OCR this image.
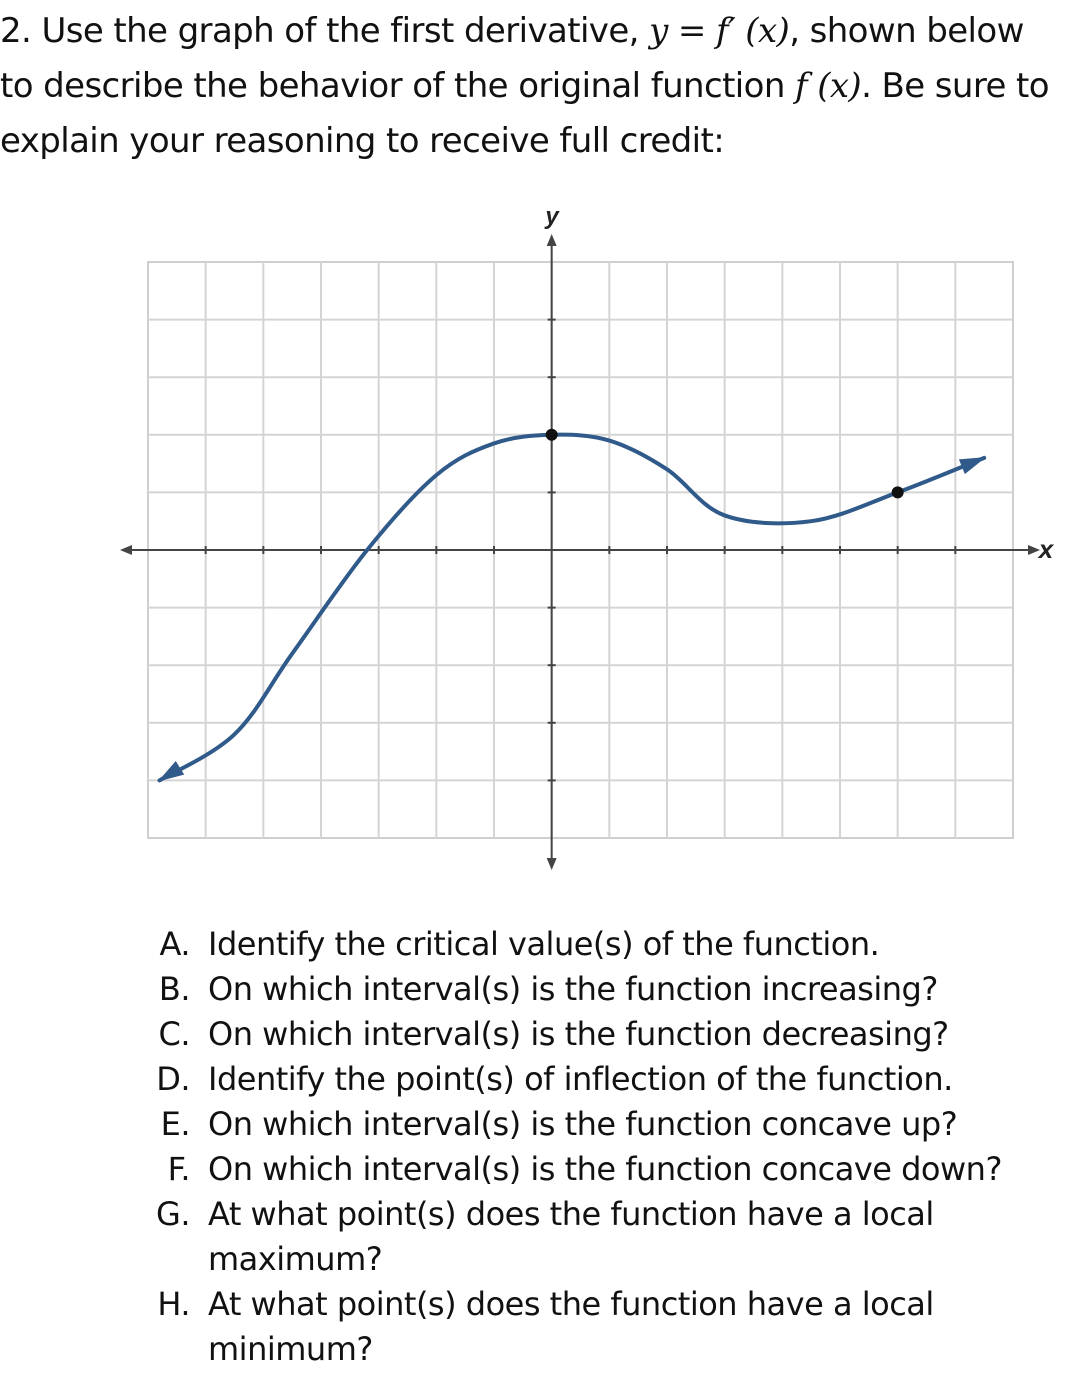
2. Use the graph of the first derivative, y = f′ (x), shown below
to describe the behavior of the original function f (x). Be sure to
explain your reasoning to receive full credit:

y
x
A. Identify the critical value(s) of the function.
B. On which interval(s) is the function increasing?
C. On which interval(s) is the function decreasing?
D. Identify the point(s) of inflection of the function.
E. On which interval(s) is the function concave up?
F. On which interval(s) is the function concave down?
G. At what point(s) does the function have a local maximum?
H. At what point(s) does the function have a local minimum?
